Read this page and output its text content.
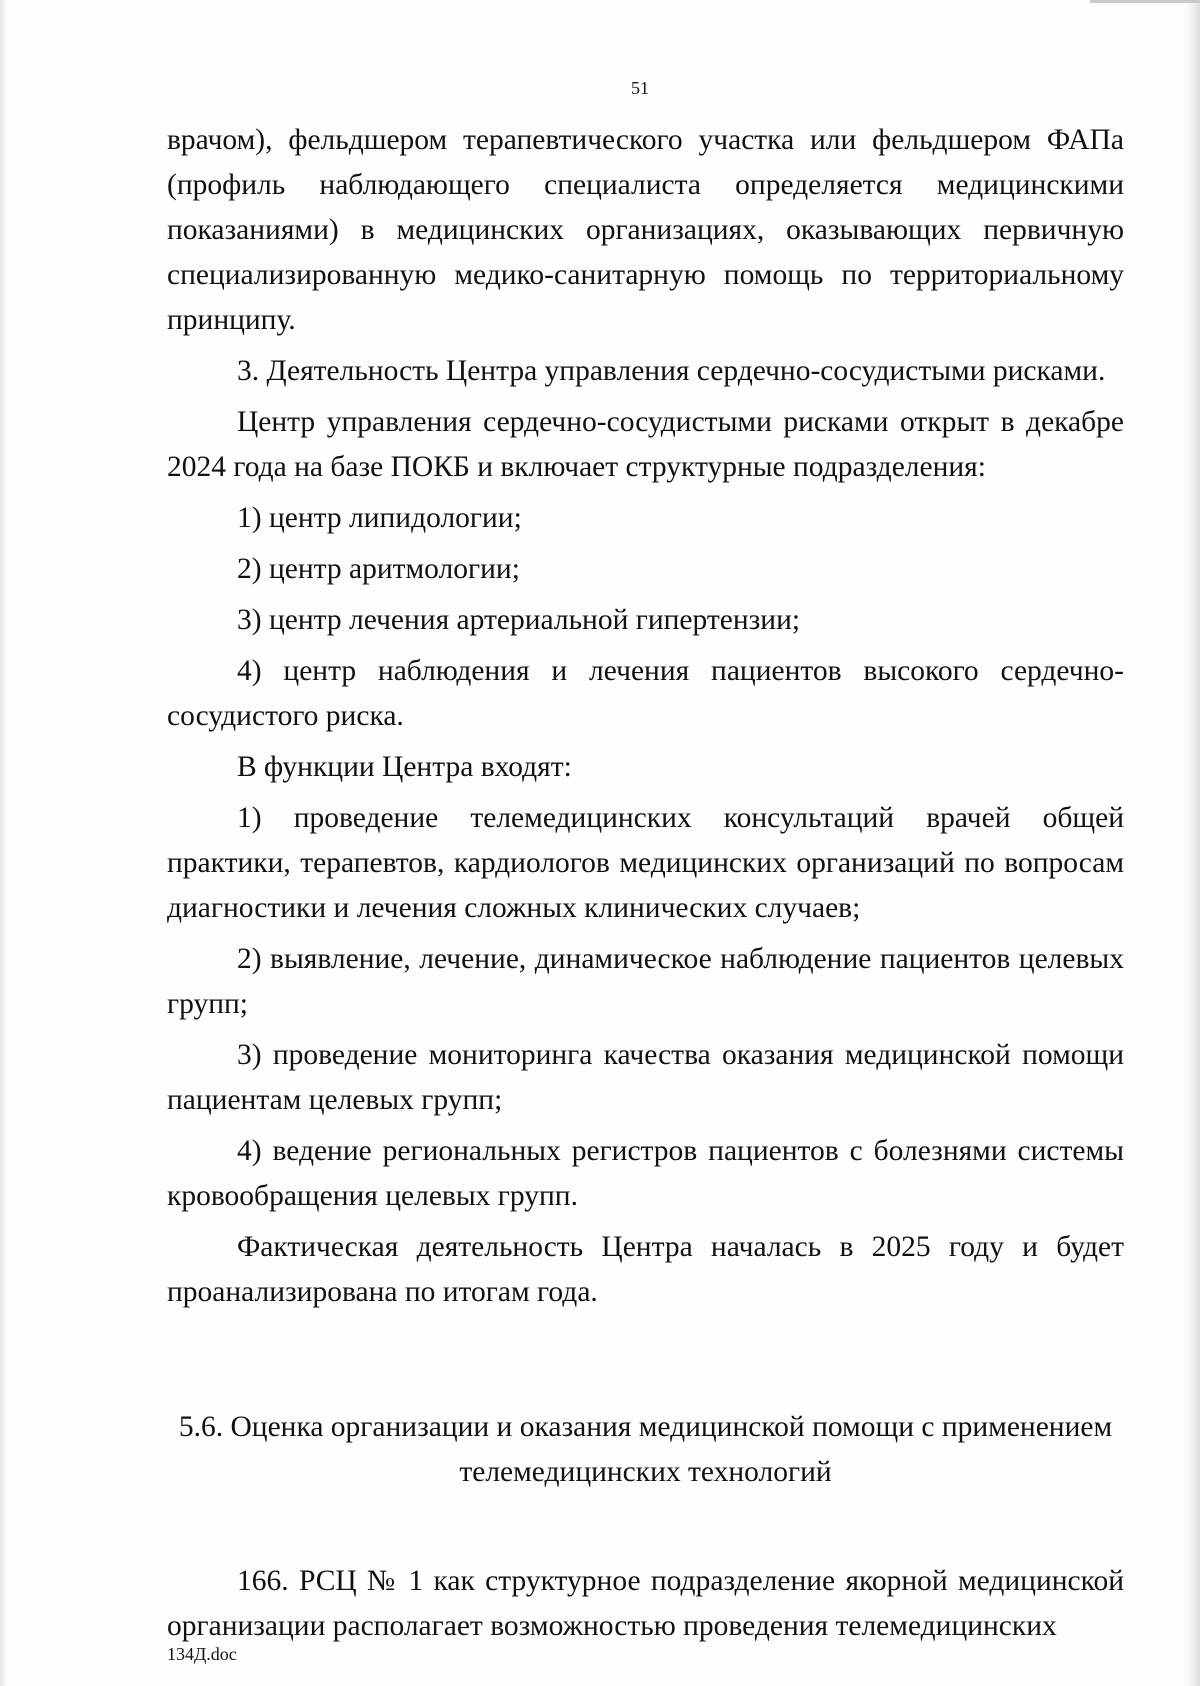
51

врачом), фельдшером терапевтического участка или фельдшером ФАПа (профиль наблюдающего специалиста определяется медицинскими показаниями) в медицинских организациях, оказывающих первичную специализированную медико-санитарную помощь по территориальному принципу.

3. Деятельность Центра управления сердечно-сосудистыми рисками.

Центр управления сердечно-сосудистыми рисками открыт в декабре 2024 года на базе ПОКБ и включает структурные подразделения:

1) центр липидологии;

2) центр аритмологии;

3) центр лечения артериальной гипертензии;

4) центр наблюдения и лечения пациентов высокого сердечно-сосудистого риска.

В функции Центра входят:

1) проведение телемедицинских консультаций врачей общей практики, терапевтов, кардиологов медицинских организаций по вопросам диагностики и лечения сложных клинических случаев;

2) выявление, лечение, динамическое наблюдение пациентов целевых групп;

3) проведение мониторинга качества оказания медицинской помощи пациентам целевых групп;

4) ведение региональных регистров пациентов с болезнями системы кровообращения целевых групп.

Фактическая деятельность Центра началась в 2025 году и будет проанализирована по итогам года.

5.6. Оценка организации и оказания медицинской помощи с применением
телемедицинских технологий

166. РСЦ № 1 как структурное подразделение якорной медицинской организации располагает возможностью проведения телемедицинских

134Д.doc
